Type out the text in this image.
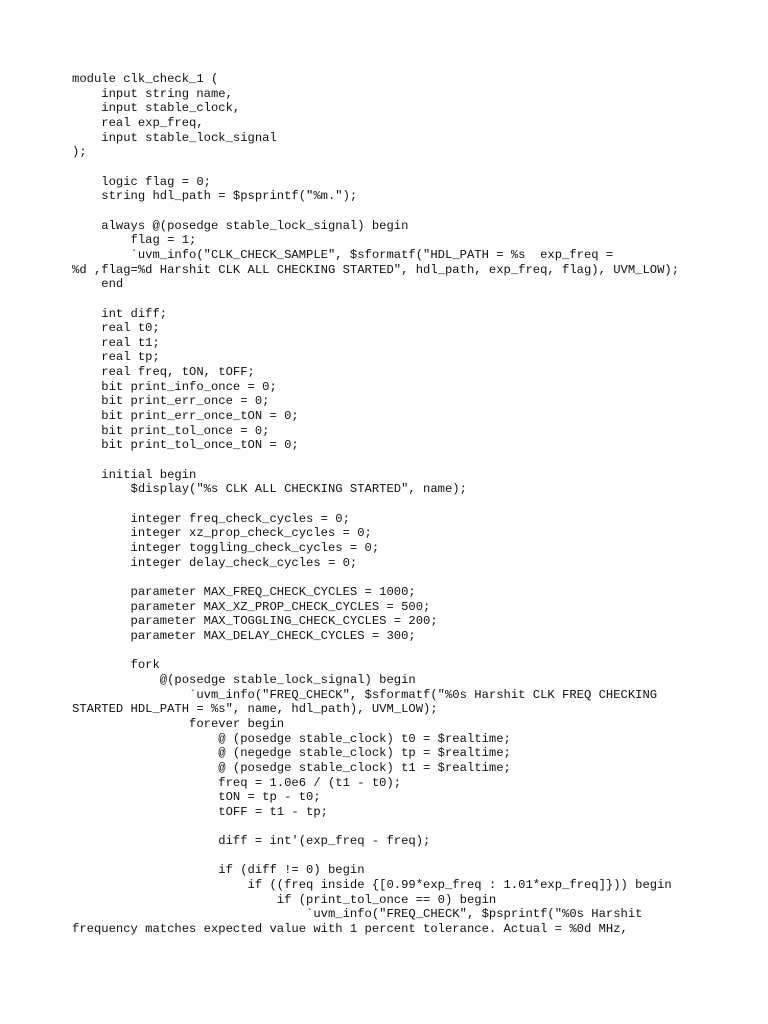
module clk_check_1 (
input string name,
input stable_clock,
real exp_freq,
input stable_lock_signal
);
logic flag = 0;
string hdl_path = $psprintf("%m.");
always @(posedge stable_lock_signal) begin
flag = 1;
`uvm_info("CLK_CHECK_SAMPLE", $sformatf("HDL_PATH = %s  exp_freq =
%d ,flag=%d Harshit CLK ALL CHECKING STARTED", hdl_path, exp_freq, flag), UVM_LOW);
end
int diff;
real t0;
real t1;
real tp;
real freq, tON, tOFF;
bit print_info_once = 0;
bit print_err_once = 0;
bit print_err_once_tON = 0;
bit print_tol_once = 0;
bit print_tol_once_tON = 0;
initial begin
$display("%s CLK ALL CHECKING STARTED", name);
integer freq_check_cycles = 0;
integer xz_prop_check_cycles = 0;
integer toggling_check_cycles = 0;
integer delay_check_cycles = 0;
parameter MAX_FREQ_CHECK_CYCLES = 1000;
parameter MAX_XZ_PROP_CHECK_CYCLES = 500;
parameter MAX_TOGGLING_CHECK_CYCLES = 200;
parameter MAX_DELAY_CHECK_CYCLES = 300;
fork
@(posedge stable_lock_signal) begin
`uvm_info("FREQ_CHECK", $sformatf("%0s Harshit CLK FREQ CHECKING
STARTED HDL_PATH = %s", name, hdl_path), UVM_LOW);
forever begin
@ (posedge stable_clock) t0 = $realtime;
@ (negedge stable_clock) tp = $realtime;
@ (posedge stable_clock) t1 = $realtime;
freq = 1.0e6 / (t1 - t0);
tON = tp - t0;
tOFF = t1 - tp;
diff = int'(exp_freq - freq);
if (diff != 0) begin
if ((freq inside {[0.99*exp_freq : 1.01*exp_freq]})) begin
if (print_tol_once == 0) begin
`uvm_info("FREQ_CHECK", $psprintf("%0s Harshit
frequency matches expected value with 1 percent tolerance. Actual = %0d MHz,
